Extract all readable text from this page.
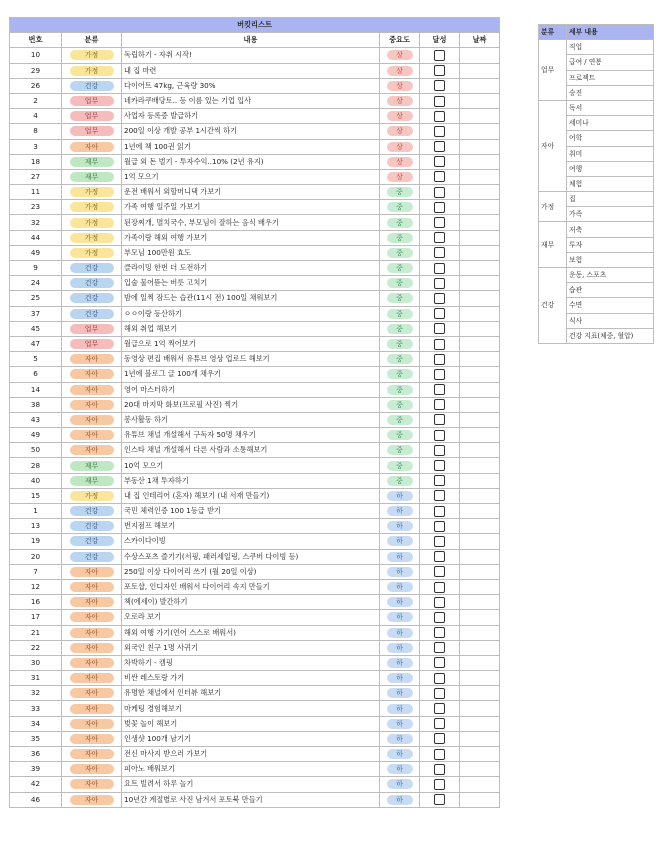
버킷리스트					
번호	분류	내용	중요도	달성	날짜
10	가정	독립하기 - 자취 시작!	상		
29	가정	내 집 마련	상		
26	건강	다이어트 47kg, 근육량 30%	상		
2	업무	네카라쿠배당토.. 등 이름 있는 기업 입사	상		
4	업무	사업자 등록증 발급하기	상		
8	업무	200일 이상 개발 공부 1시간씩 하기	상		
3	자아	1년에 책 100권 읽기	상		
18	재무	월급 외 돈 벌기 - 투자수익..10% (2년 유지)	상		
27	재무	1억 모으기	상		
11	가정	운전 배워서 외할머니댁 가보기	중		
23	가정	가족 여행 일주일 가보기	중		
32	가정	된장찌개, 멸치국수, 부모님이 잘하는 음식 배우기	중		
44	가정	가족이랑 해외 여행 가보기	중		
49	가정	부모님 100만원 효도	중		
9	건강	클라이밍 한번 더 도전하기	중		
24	건강	입술 물어뜯는 버릇 고치기	중		
25	건강	밤에 일찍 잠드는 습관(11시 전) 100일 채워보기	중		
37	건강	ㅇㅇ이랑 등산하기	중		
45	업무	해외 취업 해보기	중		
47	업무	월급으로 1억 찍어보기	중		
5	자아	동영상 편집 배워서 유튜브 영상 업로드 해보기	중		
6	자아	1년에 블로그 글 100개 채우기	중		
14	자아	영어 마스터하기	중		
38	자아	20대 마지막 화보(프로필 사진) 찍기	중		
43	자아	봉사활동 하기	중		
49	자아	유튜브 채널 개설해서 구독자 50명 채우기	중		
50	자아	인스타 채널 개설해서 다른 사람과 소통해보기	중		
28	재무	10억 모으기	중		
40	재무	부동산 1채 투자하기	중		
15	가정	내 집 인테리어 (혼자) 해보기 (내 서재 만들기)	하		
1	건강	국민 체력인증 100 1등급 받기	하		
13	건강	번지점프 해보기	하		
19	건강	스카이다이빙	하		
20	건강	수상스포츠 즐기기(서핑, 패러세일링, 스쿠버 다이빙 등)	하		
7	자아	250일 이상 다이어리 쓰기 (월 20일 이상)	하		
12	자아	포토샵, 인디자인 배워서 다이어리 속지 만들기	하		
16	자아	책(에세이) 발간하기	하		
17	자아	오로라 보기	하		
21	자아	해외 여행 가기(언어 스스로 배워서)	하		
22	자아	외국인 친구 1명 사귀기	하		
30	자아	차박하기 - 캠핑	하		
31	자아	비싼 레스토랑 가기	하		
32	자아	유명한 채널에서 인터뷰 해보기	하		
33	자아	마케팅 경험해보기	하		
34	자아	벚꽃 놀이 해보기	하		
35	자아	인생샷 100개 남기기	하		
36	자아	전신 마사지 받으러 가보기	하		
39	자아	피아노 배워보기	하		
42	자아	요트 빌려서 하루 놀기	하		
46	자아	10년간 계절별로 사진 남겨서 포토북 만들기	하		
분류	세부 내용
업무	직업
	급여 / 연봉
	프로젝트
	승진
자아	독서
	세미나
	어학
	취미
	여행
	체험
가정	집
	가족
재무	저축
	투자
	보험
건강	운동, 스포츠
	습관
	수면
	식사
	건강 지표(체중, 혈압)
